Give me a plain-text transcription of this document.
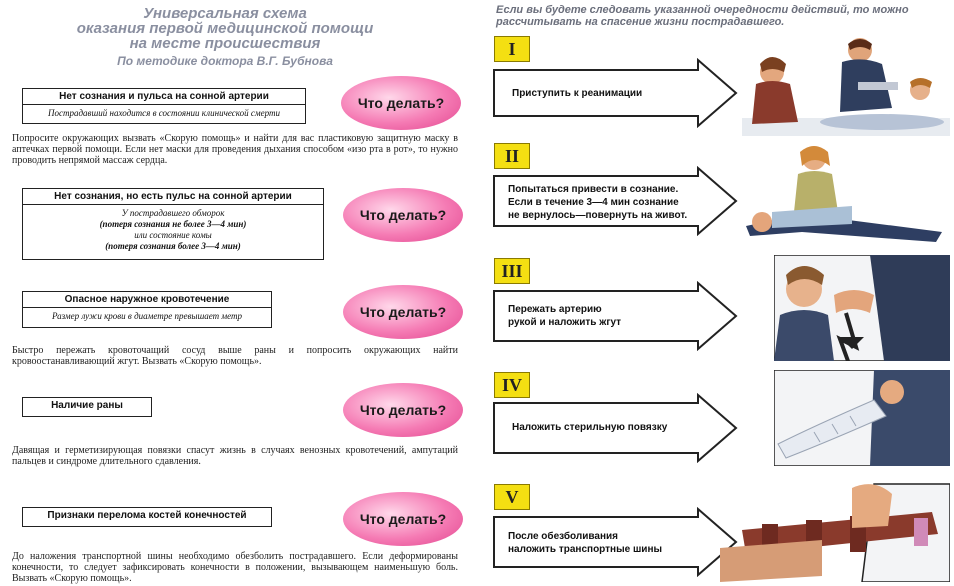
Универсальная схема
оказания первой медицинской помощи
на месте происшествия
По методике доктора В.Г. Бубнова
Если вы будете следовать указанной очередности действий, то можно рассчитывать на спасение жизни пострадавшего.
Нет сознания и пульса на сонной артерии
Пострадавший находится в состоянии клинической смерти
Что делать?
Попросите окружающих вызвать «Скорую помощь» и найти для вас пластиковую защитную маску в аптечках первой помощи. Если нет маски для проведения дыхания способом «изо рта в рот», то нужно проводить непрямой массаж сердца.
Нет сознания, но есть пульс на сонной артерии
У пострадавшего обморок
(потеря сознания не более 3—4 мин)
или состояние комы
(потеря сознания более 3—4 мин)
Что делать?
Опасное наружное кровотечение
Размер лужи крови в диаметре превышает метр	Что делать?
Быстро пережать кровоточащий сосуд выше раны и попросить окружающих найти кровоостанавливающий жгут. Вызвать «Скорую помощь».
Наличие раны	Что делать?
Давящая и герметизирующая повязки спасут жизнь в случаях венозных кровотечений, ампутаций пальцев и синдроме длительного сдавления.
Признаки перелома костей конечностей	Что делать?
До наложения транспортной шины необходимо обезболить пострадавшего. Если деформированы конечности, то следует зафиксировать конечности в положении, вызывающем наименьшую боль. Вызвать «Скорую помощь».
I
Приступить к реанимации
II
Попытаться привести в сознание.
Если в течение 3—4 мин сознание
не вернулось—повернуть на живот.
III
Пережать артерию
рукой и наложить жгут
IV
Наложить стерильную повязку
V
После обезболивания
наложить транспортные шины
